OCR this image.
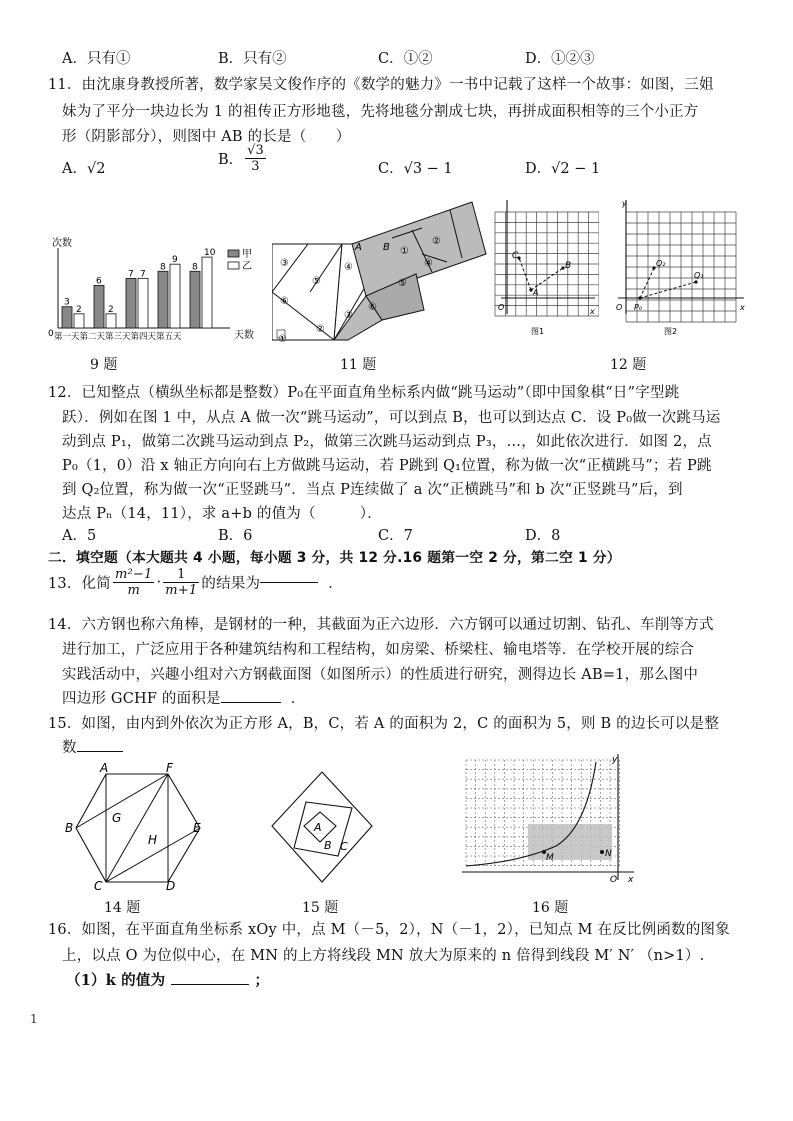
A．只有①	B．只有②	C．①②	D．①②③
11．由沈康身教授所著，数学家吴文俊作序的《数学的魅力》一书中记载了这样一个故事：如图，三姐
妹为了平分一块边长为 1 的祖传正方形地毯，先将地毯分割成七块，再拼成面积相等的三个小正方
形（阴影部分），则图中 AB 的长是（　　）
A．√2
B． $\frac{√3}{3}$	C．√3 − 1	D．√2 − 1
次数
0 第一天第二天第三天第四天第五天	天数
3
2
6
2
7 7
8
9
8
10	甲
乙
A B ①
②
③	④	④
⑤
⑥
⑤
⑥
②
③
①
C
B
A
O	x
图1
y
Q₂
Q₁
P₀
O	x
图2
9 题	11 题	12 题
12．已知整点（横纵坐标都是整数）P₀在平面直角坐标系内做“跳马运动”（即中国象棋“日”字型跳
跃）．例如在图 1 中，从点 A 做一次“跳马运动”，可以到点 B，也可以到达点 C．设 P₀做一次跳马运
动到点 P₁，做第二次跳马运动到点 P₂，做第三次跳马运动到点 P₃，…，如此依次进行．如图 2，点
P₀（1，0）沿 x 轴正方向向右上方做跳马运动，若 P跳到 Q₁位置，称为做一次“正横跳马”；若 P跳
到 Q₂位置，称为做一次“正竖跳马”．当点 P连续做了 a 次“正横跳马”和 b 次“正竖跳马”后，到
达点 Pₙ（14，11），求 a+b 的值为（　　　）．
A．5	B．6	C．7	D．8
二．填空题（本大题共 4 小题，每小题 3 分，共 12 分.16 题第一空 2 分，第二空 1 分）
13．化简 $\frac{\text{m²−1}}{m} \cdot \frac{1}{m+1}$ 的结果为	．
14．六方钢也称六角棒，是钢材的一种，其截面为正六边形．六方钢可以通过切割、钻孔、车削等方式
进行加工，广泛应用于各种建筑结构和工程结构，如房梁、桥梁柱、输电塔等．在学校开展的综合
实践活动中，兴趣小组对六方钢截面图（如图所示）的性质进行研究，测得边长 AB=1，那么图中
四边形 GCHF 的面积是	．
15．如图，由内到外依次为正方形 A，B，C，若 A 的面积为 2，C 的面积为 5，则 B 的边长可以是整
数
A	F
B
G
H
E
C	D
A
B C
y
M	N
O x
14 题	15 题	16 题
16．如图，在平面直角坐标系 xOy 中，点 M（－5，2），N（－1，2），已知点 M 在反比例函数的图象
上，以点 O 为位似中心，在 MN 的上方将线段 MN 放大为原来的 n 倍得到线段 M′ N′ （n>1）.
（1）k 的值为	；
1
